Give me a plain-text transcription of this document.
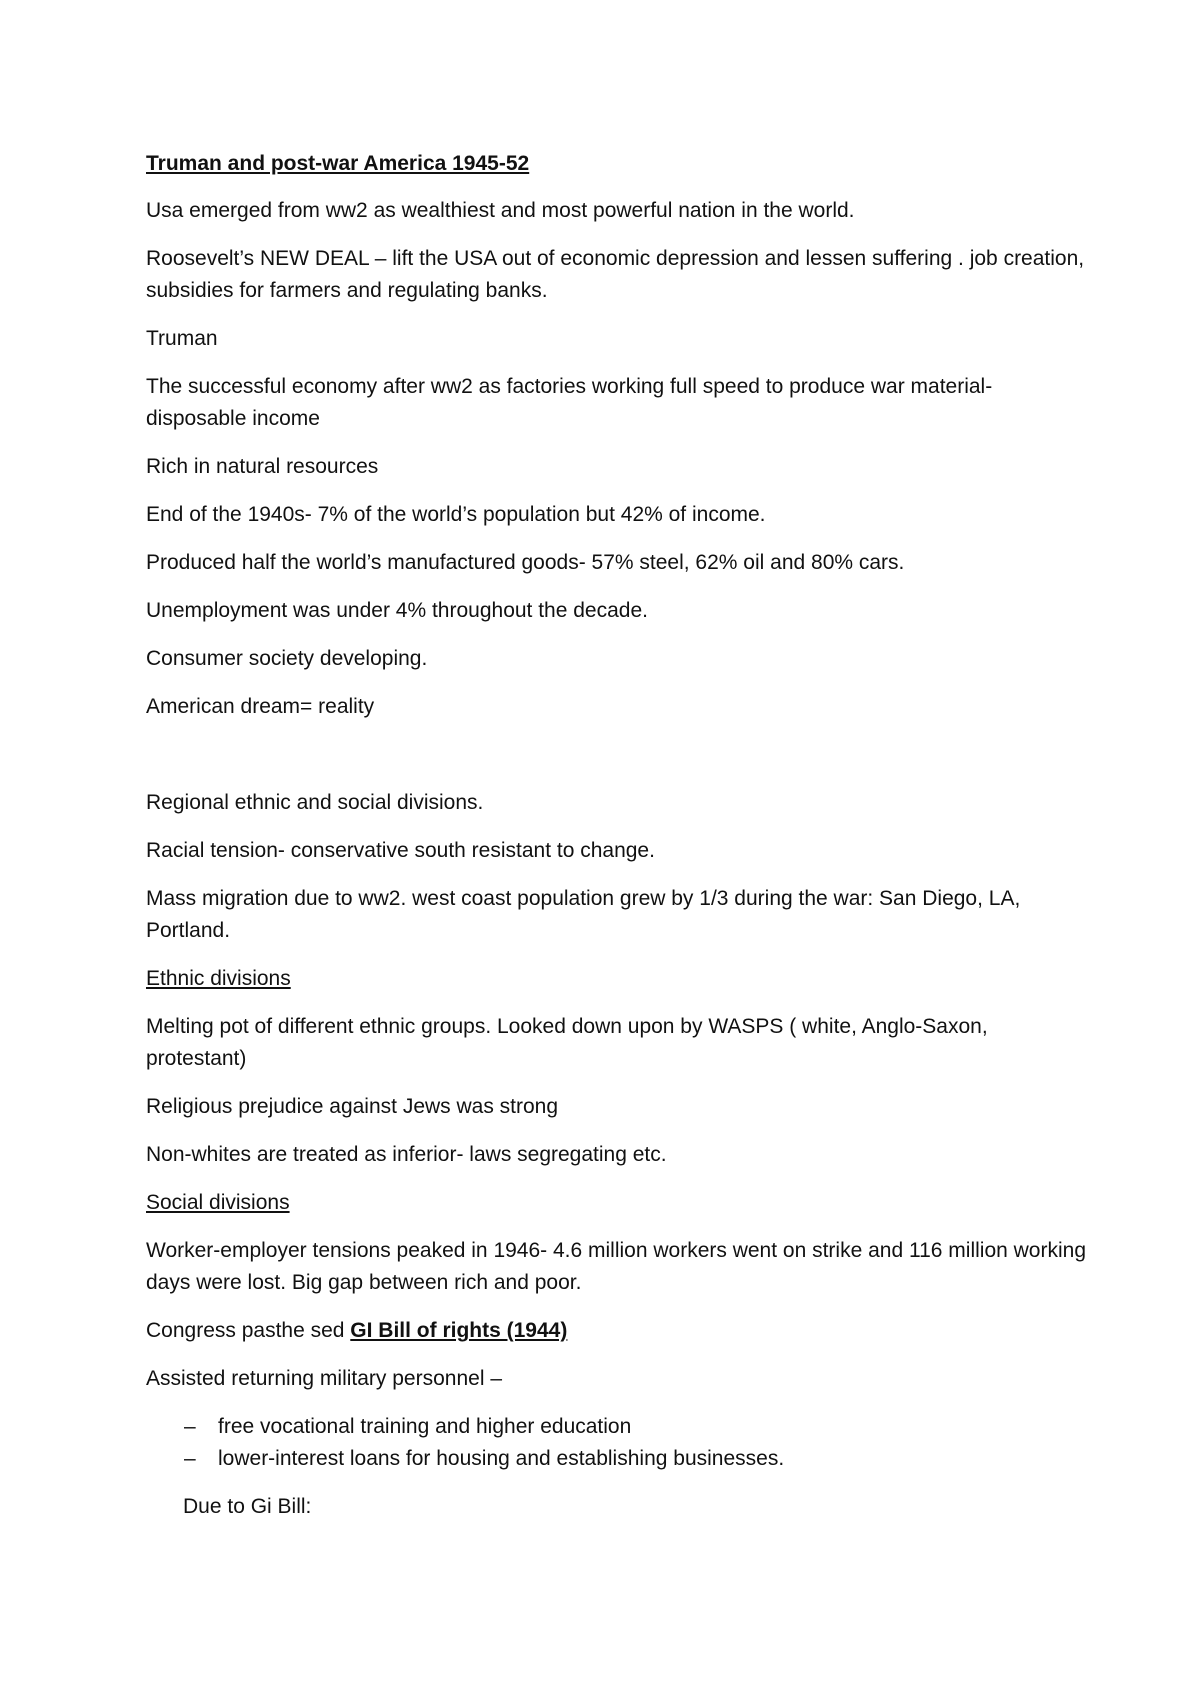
Truman and post-war America 1945-52
Usa emerged from ww2 as wealthiest and most powerful nation in the world.
Roosevelt’s NEW DEAL – lift the USA out of economic depression and lessen suffering . job creation, subsidies for farmers and regulating banks.
Truman
The successful economy after ww2 as factories working full speed to produce war material- disposable income
Rich in natural resources
End of the 1940s- 7% of the world’s population but 42% of income.
Produced half the world’s manufactured goods- 57% steel, 62% oil and 80% cars.
Unemployment was under 4% throughout the decade.
Consumer society developing.
American dream= reality
Regional ethnic and social divisions.
Racial tension- conservative south resistant to change.
Mass migration due to ww2. west coast population grew by 1/3 during the war: San Diego, LA, Portland.
Ethnic divisions
Melting pot of different ethnic groups. Looked down upon by WASPS ( white, Anglo-Saxon, protestant)
Religious prejudice against Jews was strong
Non-whites are treated as inferior- laws segregating etc.
Social divisions
Worker-employer tensions peaked in 1946- 4.6 million workers went on strike and 116 million working days were lost. Big gap between rich and poor.
Congress pasthe sed GI Bill of rights (1944)
Assisted returning military personnel –
– free vocational training and higher education
– lower-interest loans for housing and establishing businesses.
Due to Gi Bill:
